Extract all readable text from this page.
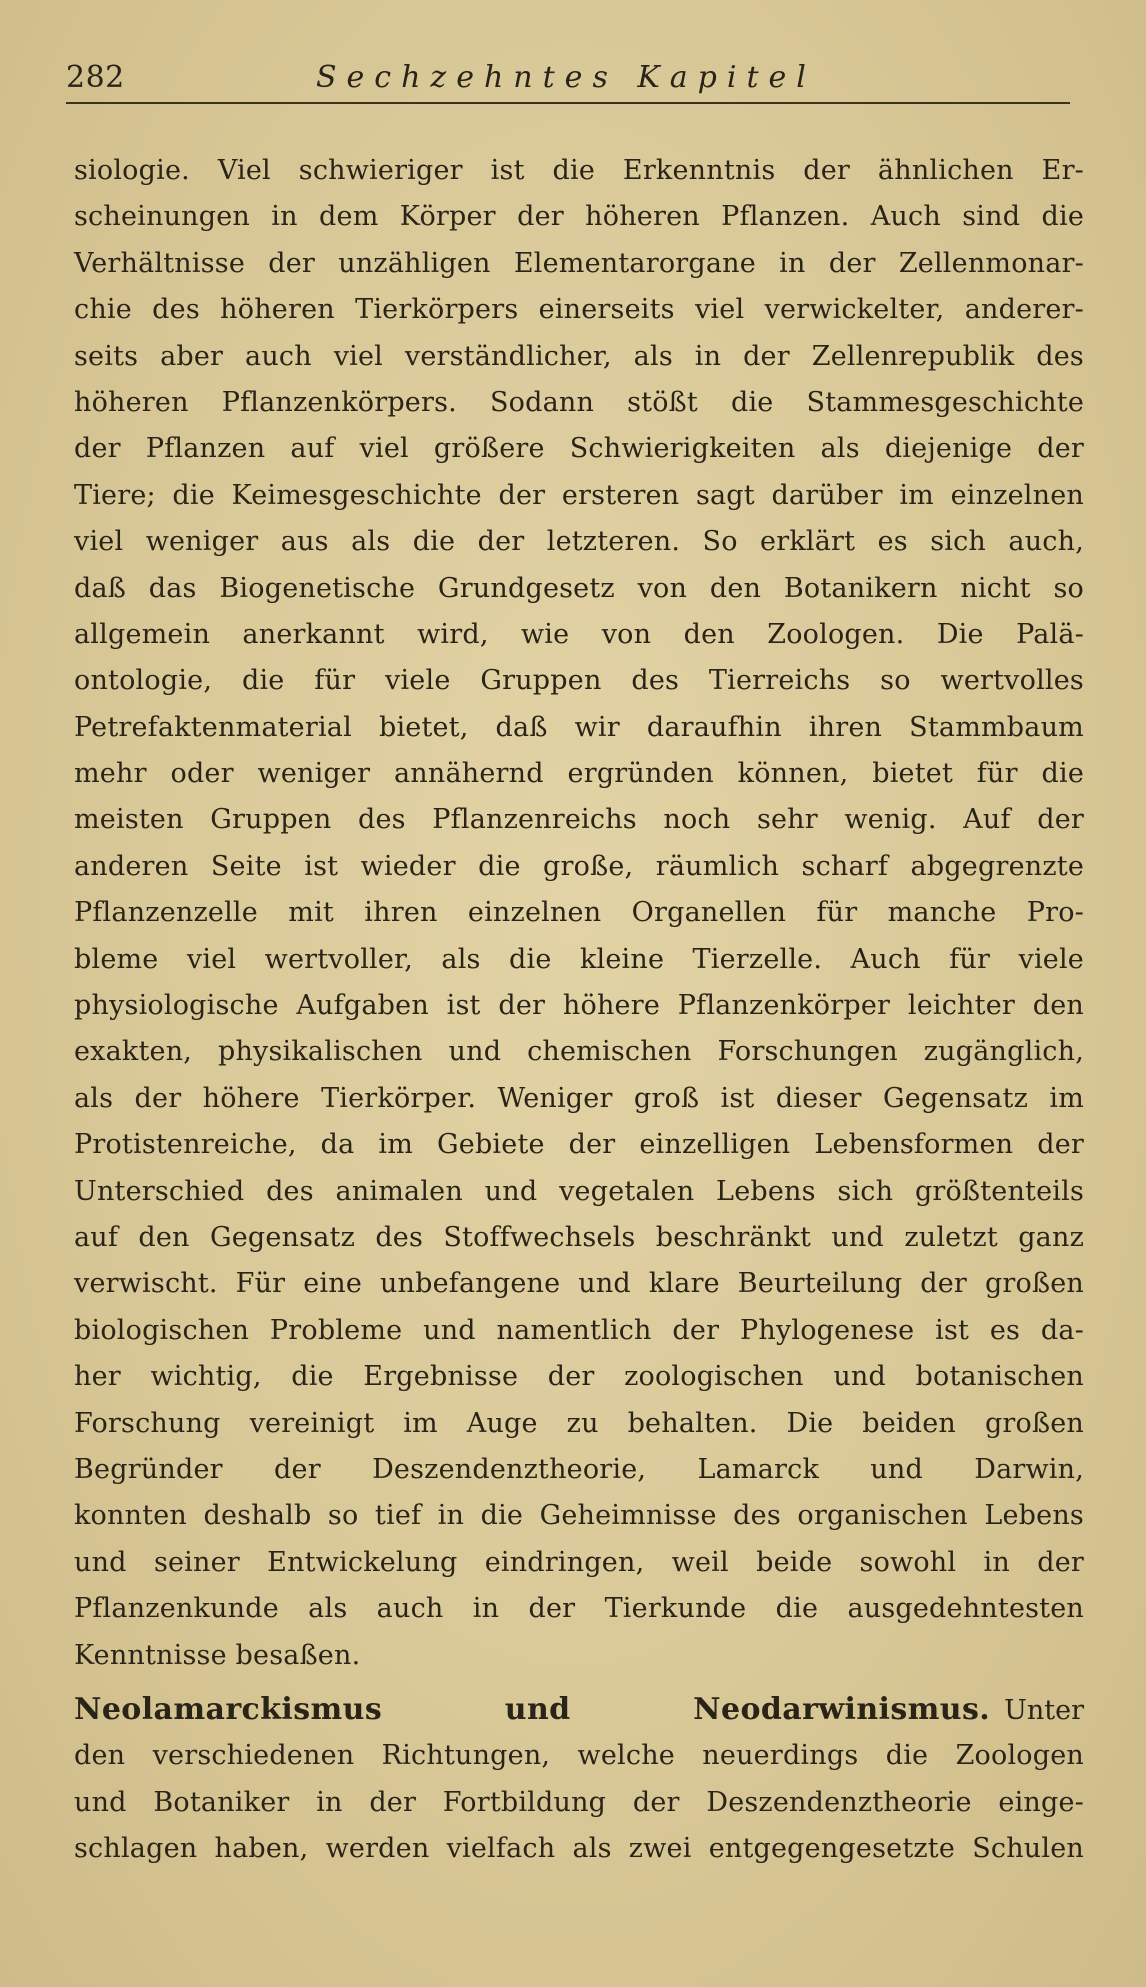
282	Sechzehntes Kapitel
siologie. Viel schwieriger ist die Erkenntnis der ähnlichen Er-
scheinungen in dem Körper der höheren Pflanzen. Auch sind die
Verhältnisse der unzähligen Elementarorgane in der Zellenmonar-
chie des höheren Tierkörpers einerseits viel verwickelter, anderer-
seits aber auch viel verständlicher, als in der Zellenrepublik des
höheren Pflanzenkörpers. Sodann stößt die Stammesgeschichte
der Pflanzen auf viel größere Schwierigkeiten als diejenige der
Tiere; die Keimesgeschichte der ersteren sagt darüber im einzelnen
viel weniger aus als die der letzteren. So erklärt es sich auch,
daß das Biogenetische Grundgesetz von den Botanikern nicht so
allgemein anerkannt wird, wie von den Zoologen. Die Palä-
ontologie, die für viele Gruppen des Tierreichs so wertvolles
Petrefaktenmaterial bietet, daß wir daraufhin ihren Stammbaum
mehr oder weniger annähernd ergründen können, bietet für die
meisten Gruppen des Pflanzenreichs noch sehr wenig. Auf der
anderen Seite ist wieder die große, räumlich scharf abgegrenzte
Pflanzenzelle mit ihren einzelnen Organellen für manche Pro-
bleme viel wertvoller, als die kleine Tierzelle. Auch für viele
physiologische Aufgaben ist der höhere Pflanzenkörper leichter den
exakten, physikalischen und chemischen Forschungen zugänglich,
als der höhere Tierkörper. Weniger groß ist dieser Gegensatz im
Protistenreiche, da im Gebiete der einzelligen Lebensformen der
Unterschied des animalen und vegetalen Lebens sich größtenteils
auf den Gegensatz des Stoffwechsels beschränkt und zuletzt ganz
verwischt. Für eine unbefangene und klare Beurteilung der großen
biologischen Probleme und namentlich der Phylogenese ist es da-
her wichtig, die Ergebnisse der zoologischen und botanischen
Forschung vereinigt im Auge zu behalten. Die beiden großen
Begründer der Deszendenztheorie, Lamarck und Darwin,
konnten deshalb so tief in die Geheimnisse des organischen Lebens
und seiner Entwickelung eindringen, weil beide sowohl in der
Pflanzenkunde als auch in der Tierkunde die ausgedehntesten
Kenntnisse besaßen.
Neolamarckismus und Neodarwinismus. Unter
den verschiedenen Richtungen, welche neuerdings die Zoologen
und Botaniker in der Fortbildung der Deszendenztheorie einge-
schlagen haben, werden vielfach als zwei entgegengesetzte Schulen
